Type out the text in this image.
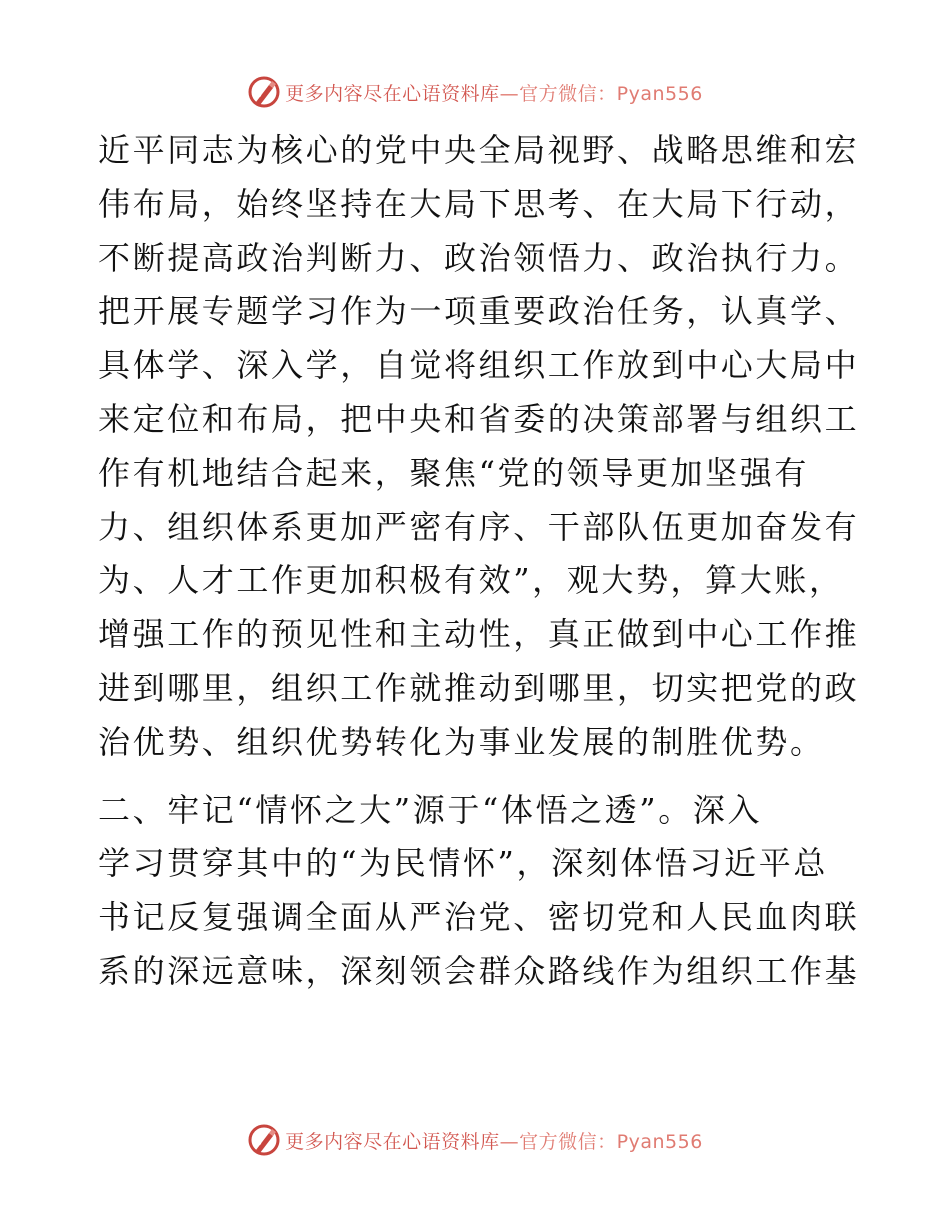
更多内容尽在心语资料库—官方微信：Pyan556
近平同志为核心的党中央全局视野、战略思维和宏
伟布局，始终坚持在大局下思考、在大局下行动，
不断提高政治判断力、政治领悟力、政治执行力。
把开展专题学习作为一项重要政治任务，认真学、
具体学、深入学，自觉将组织工作放到中心大局中
来定位和布局，把中央和省委的决策部署与组织工
作有机地结合起来，聚焦“党的领导更加坚强有
力、组织体系更加严密有序、干部队伍更加奋发有
为、人才工作更加积极有效”，观大势，算大账，
增强工作的预见性和主动性，真正做到中心工作推
进到哪里，组织工作就推动到哪里，切实把党的政
治优势、组织优势转化为事业发展的制胜优势。
二、牢记“情怀之大”源于“体悟之透”。深入
学习贯穿其中的“为民情怀”，深刻体悟习近平总
书记反复强调全面从严治党、密切党和人民血肉联
系的深远意味，深刻领会群众路线作为组织工作基
更多内容尽在心语资料库—官方微信：Pyan556
